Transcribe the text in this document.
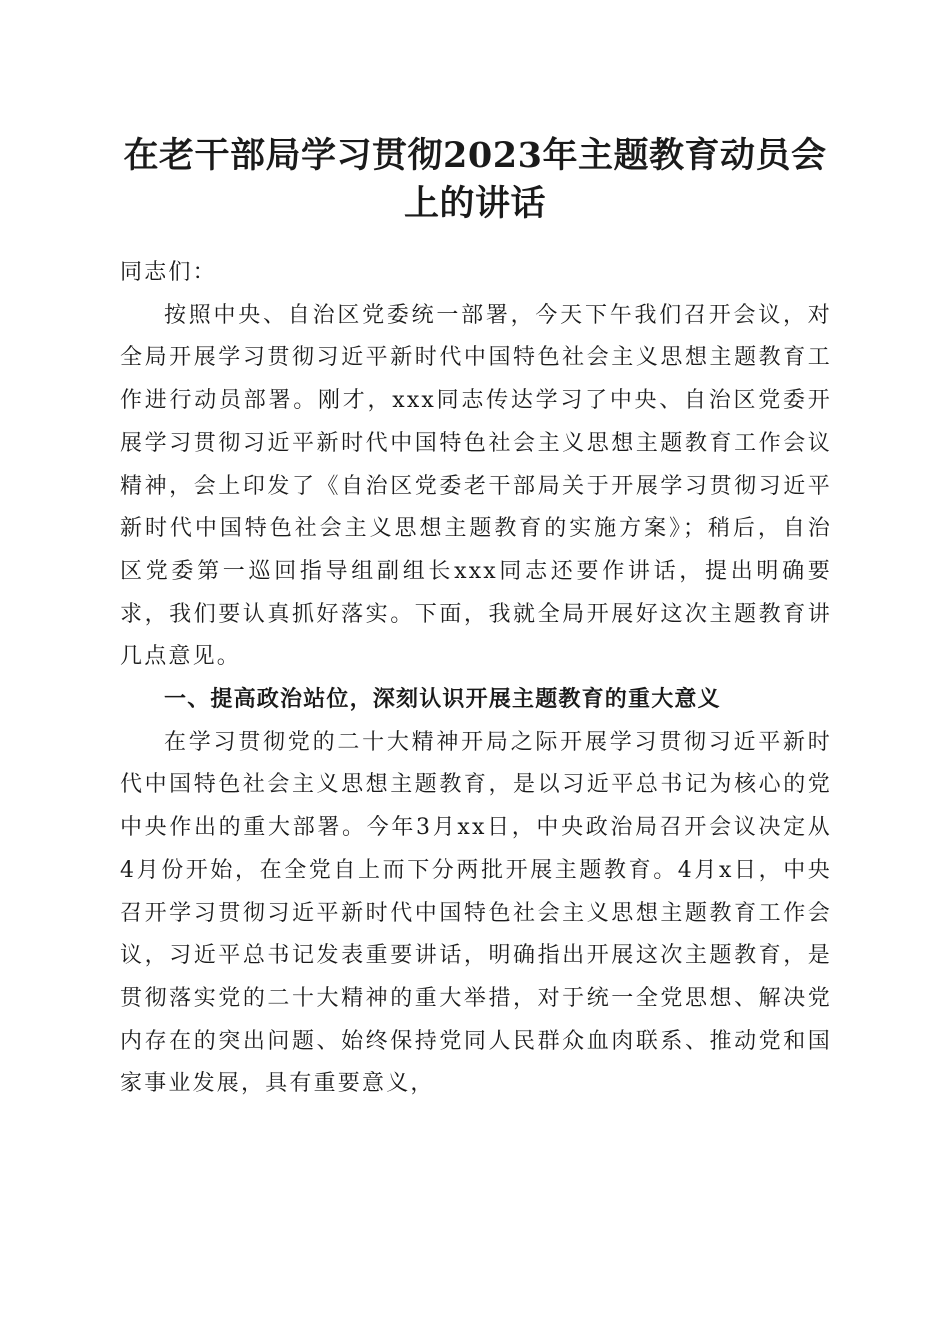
在老干部局学习贯彻2023年主题教育动员会
上的讲话

同志们：

按照中央、自治区党委统一部署，今天下午我们召开会议，对全局开展学习贯彻习近平新时代中国特色社会主义思想主题教育工作进行动员部署。刚才，xxx同志传达学习了中央、自治区党委开展学习贯彻习近平新时代中国特色社会主义思想主题教育工作会议精神，会上印发了《自治区党委老干部局关于开展学习贯彻习近平新时代中国特色社会主义思想主题教育的实施方案》；稍后，自治区党委第一巡回指导组副组长xxx同志还要作讲话，提出明确要求，我们要认真抓好落实。下面，我就全局开展好这次主题教育讲几点意见。

一、提高政治站位，深刻认识开展主题教育的重大意义

在学习贯彻党的二十大精神开局之际开展学习贯彻习近平新时代中国特色社会主义思想主题教育，是以习近平总书记为核心的党中央作出的重大部署。今年3月xx日，中央政治局召开会议决定从4月份开始，在全党自上而下分两批开展主题教育。4月x日，中央召开学习贯彻习近平新时代中国特色社会主义思想主题教育工作会议，习近平总书记发表重要讲话，明确指出开展这次主题教育，是贯彻落实党的二十大精神的重大举措，对于统一全党思想、解决党内存在的突出问题、始终保持党同人民群众血肉联系、推动党和国家事业发展，具有重要意义，
